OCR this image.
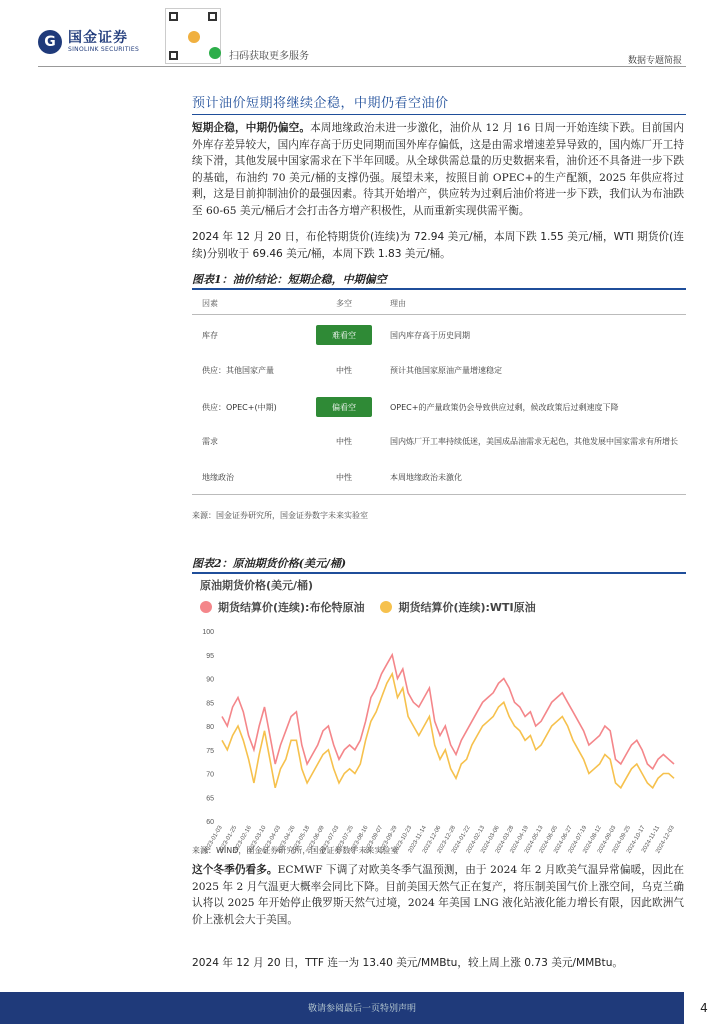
G 国金证券
SINOLINK SECURITIES
扫码获取更多服务	数据专题简报
预计油价短期将继续企稳，中期仍看空油价
短期企稳，中期仍偏空。本周地缘政治未进一步激化，油价从 12 月 16 日周一开始连续下跌。目前国内外库存差异较大，国内库存高于历史同期而国外库存偏低，这是由需求增速差异导致的，国内炼厂开工持续下滑，其他发展中国家需求在下半年回暖。从全球供需总量的历史数据来看，油价还不具备进一步下跌的基础，布油约 70 美元/桶的支撑仍强。展望未来，按照目前 OPEC+的生产配额，2025 年供应将过剩，这是目前抑制油价的最强因素。待其开始增产，供应转为过剩后油价将进一步下跌，我们认为布油跌至 60-65 美元/桶后才会打击各方增产积极性，从而重新实现供需平衡。
2024 年 12 月 20 日，布伦特期货价(连续)为 72.94 美元/桶，本周下跌 1.55 美元/桶，WTI 期货价(连续)分别收于 69.46 美元/桶，本周下跌 1.83 美元/桶。
图表1：油价结论：短期企稳，中期偏空
因素	多空	理由
库存	难看空	国内库存高于历史同期
供应：其他国家产量	中性	预计其他国家原油产量增速稳定
供应：OPEC+(中期)	偏看空	OPEC+的产量政策仍会导致供应过剩，候改政策后过剩速度下降
需求	中性	国内炼厂开工率持续低迷，美国成品油需求无起色，其他发展中国家需求有所增长
地缘政治	中性	本周地缘政治未激化
来源：国金证券研究所，国金证券数字未来实验室
图表2：原油期货价格(美元/桶)
原油期货价格(美元/桶)
期货结算价(连续):布伦特原油	期货结算价(连续):WTI原油
60
65
70
75
80
85
90
95
100
2023-01-03
2023-01-25
2023-02-16
2023-03-10
2023-04-03
2023-04-26
2023-05-18
2023-06-09
2023-07-03
2023-07-25
2023-08-16
2023-09-07
2023-09-29
2023-10-23
2023-11-14
2023-12-06
2023-12-28
2024-01-22
2024-02-13
2024-03-06
2024-03-28
2024-04-19
2024-05-13
2024-06-05
2024-06-27
2024-07-19
2024-08-12
2024-09-03
2024-09-25
2024-10-17
2024-11-11
2024-12-03
来源：WIND，国金证券研究所，国金证券数字未来实验室
这个冬季仍看多。ECMWF 下调了对欧美冬季气温预测，由于 2024 年 2 月欧美气温异常偏暖，因此在 2025 年 2 月气温更大概率会同比下降。目前美国天然气正在复产，将压制美国气价上涨空间，乌克兰确认将以 2025 年开始停止俄罗斯天然气过境，2024 年美国 LNG 液化站液化能力增长有限，因此欧洲气价上涨机会大于美国。
2024 年 12 月 20 日，TTF 连一为 13.40 美元/MMBtu，较上周上涨 0.73 美元/MMBtu。
敬请参阅最后一页特别声明	4
